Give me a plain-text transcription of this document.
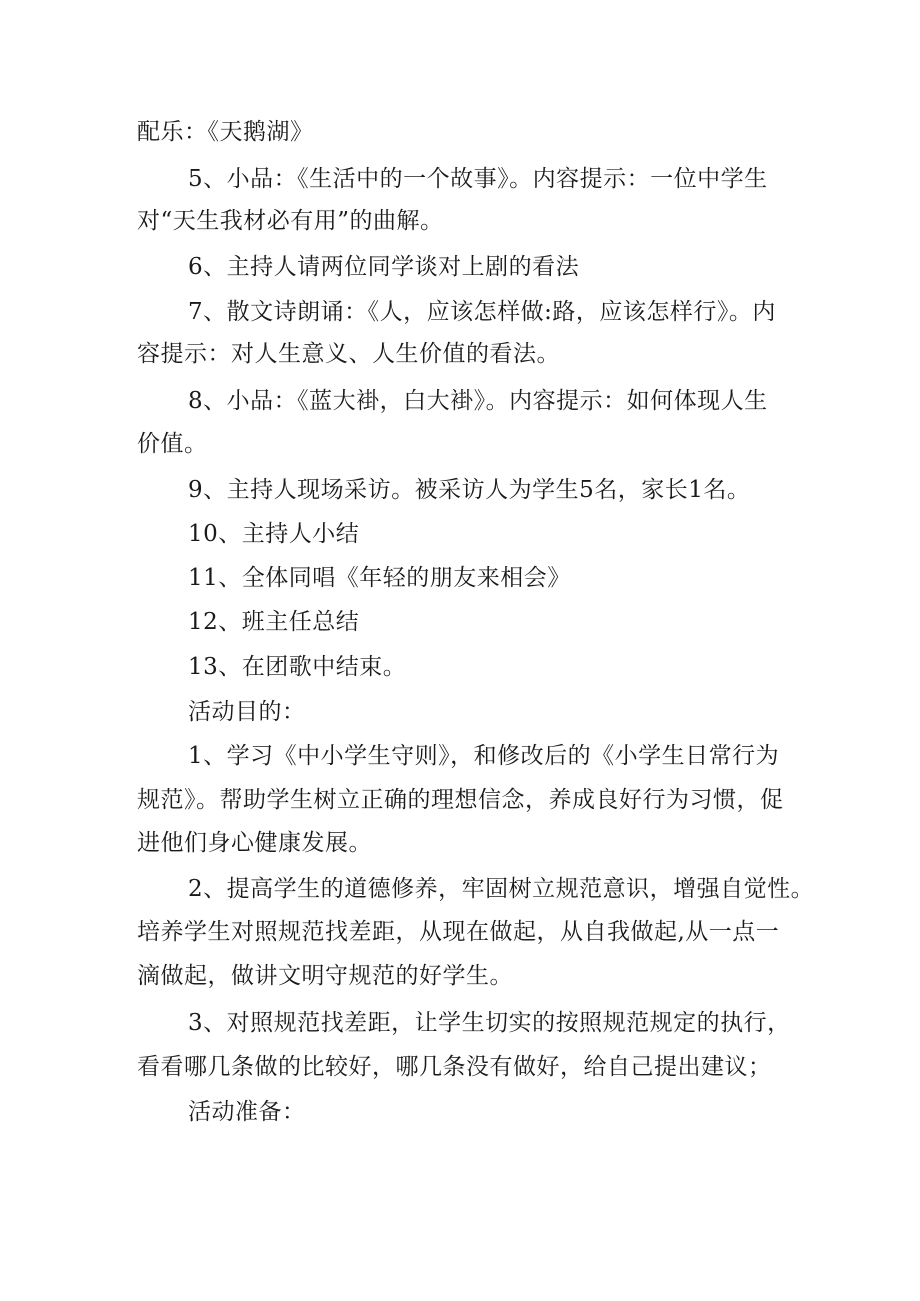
配乐：《天鹅湖》
5、小品：《生活中的一个故事》。内容提示：一位中学生
对“天生我材必有用”的曲解。
6、主持人请两位同学谈对上剧的看法
7、散文诗朗诵：《人，应该怎样做:路，应该怎样行》。内
容提示：对人生意义、人生价值的看法。
8、小品：《蓝大褂，白大褂》。内容提示：如何体现人生
价值。
9、主持人现场采访。被采访人为学生5名，家长1名。
10、主持人小结
11、全体同唱《年轻的朋友来相会》
12、班主任总结
13、在团歌中结束。
活动目的：
1、学习《中小学生守则》，和修改后的《小学生日常行为
规范》。帮助学生树立正确的理想信念，养成良好行为习惯，促
进他们身心健康发展。
2、提高学生的道德修养，牢固树立规范意识，增强自觉性。
培养学生对照规范找差距，从现在做起，从自我做起,从一点一
滴做起，做讲文明守规范的好学生。
3、对照规范找差距，让学生切实的按照规范规定的执行，
看看哪几条做的比较好，哪几条没有做好，给自己提出建议；
活动准备：
